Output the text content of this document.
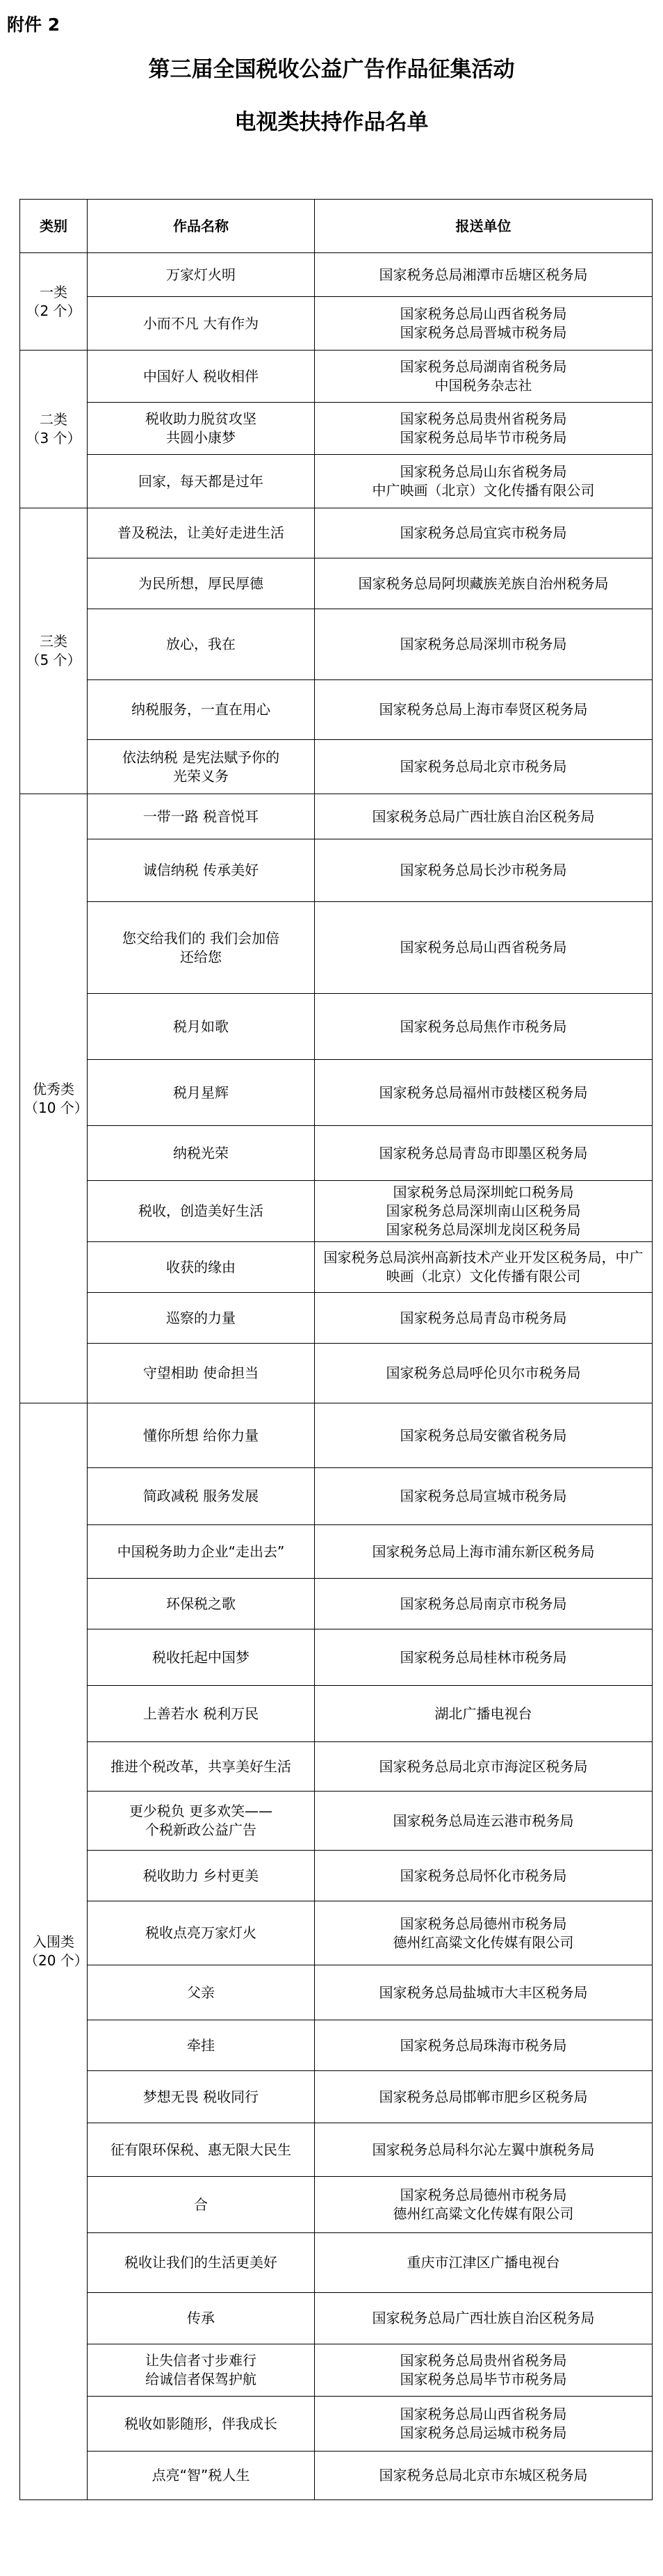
附件 2
第三届全国税收公益广告作品征集活动
电视类扶持作品名单
类别	作品名称	报送单位
一类
（2 个）	万家灯火明	国家税务总局湘潭市岳塘区税务局
	小而不凡 大有作为	国家税务总局山西省税务局
国家税务总局晋城市税务局
二类
（3 个）	中国好人 税收相伴	国家税务总局湖南省税务局
中国税务杂志社
	税收助力脱贫攻坚
共圆小康梦	国家税务总局贵州省税务局
国家税务总局毕节市税务局
	回家，每天都是过年	国家税务总局山东省税务局
中广映画（北京）文化传播有限公司
三类
（5 个）	普及税法，让美好走进生活	国家税务总局宜宾市税务局
	为民所想，厚民厚德	国家税务总局阿坝藏族羌族自治州税务局
	放心，我在	国家税务总局深圳市税务局
	纳税服务，一直在用心	国家税务总局上海市奉贤区税务局
	依法纳税 是宪法赋予你的
光荣义务	国家税务总局北京市税务局
优秀类
（10 个）	一带一路 税音悦耳	国家税务总局广西壮族自治区税务局
	诚信纳税 传承美好	国家税务总局长沙市税务局
	您交给我们的 我们会加倍
还给您	国家税务总局山西省税务局
	税月如歌	国家税务总局焦作市税务局
	税月星辉	国家税务总局福州市鼓楼区税务局
	纳税光荣	国家税务总局青岛市即墨区税务局
	税收，创造美好生活	国家税务总局深圳蛇口税务局
国家税务总局深圳南山区税务局
国家税务总局深圳龙岗区税务局
	收获的缘由	国家税务总局滨州高新技术产业开发区税务局，中广映画（北京）文化传播有限公司
	巡察的力量	国家税务总局青岛市税务局
	守望相助 使命担当	国家税务总局呼伦贝尔市税务局
入围类
（20 个）	懂你所想 给你力量	国家税务总局安徽省税务局
	简政减税 服务发展	国家税务总局宣城市税务局
	中国税务助力企业“走出去”	国家税务总局上海市浦东新区税务局
	环保税之歌	国家税务总局南京市税务局
	税收托起中国梦	国家税务总局桂林市税务局
	上善若水 税利万民	湖北广播电视台
	推进个税改革，共享美好生活	国家税务总局北京市海淀区税务局
	更少税负 更多欢笑——
个税新政公益广告	国家税务总局连云港市税务局
	税收助力 乡村更美	国家税务总局怀化市税务局
	税收点亮万家灯火	国家税务总局德州市税务局
德州红高粱文化传媒有限公司
	父亲	国家税务总局盐城市大丰区税务局
	牵挂	国家税务总局珠海市税务局
	梦想无畏 税收同行	国家税务总局邯郸市肥乡区税务局
	征有限环保税、惠无限大民生	国家税务总局科尔沁左翼中旗税务局
	合	国家税务总局德州市税务局
德州红高粱文化传媒有限公司
	税收让我们的生活更美好	重庆市江津区广播电视台
	传承	国家税务总局广西壮族自治区税务局
	让失信者寸步难行
给诚信者保驾护航	国家税务总局贵州省税务局
国家税务总局毕节市税务局
	税收如影随形，伴我成长	国家税务总局山西省税务局
国家税务总局运城市税务局
	点亮“智”税人生	国家税务总局北京市东城区税务局
